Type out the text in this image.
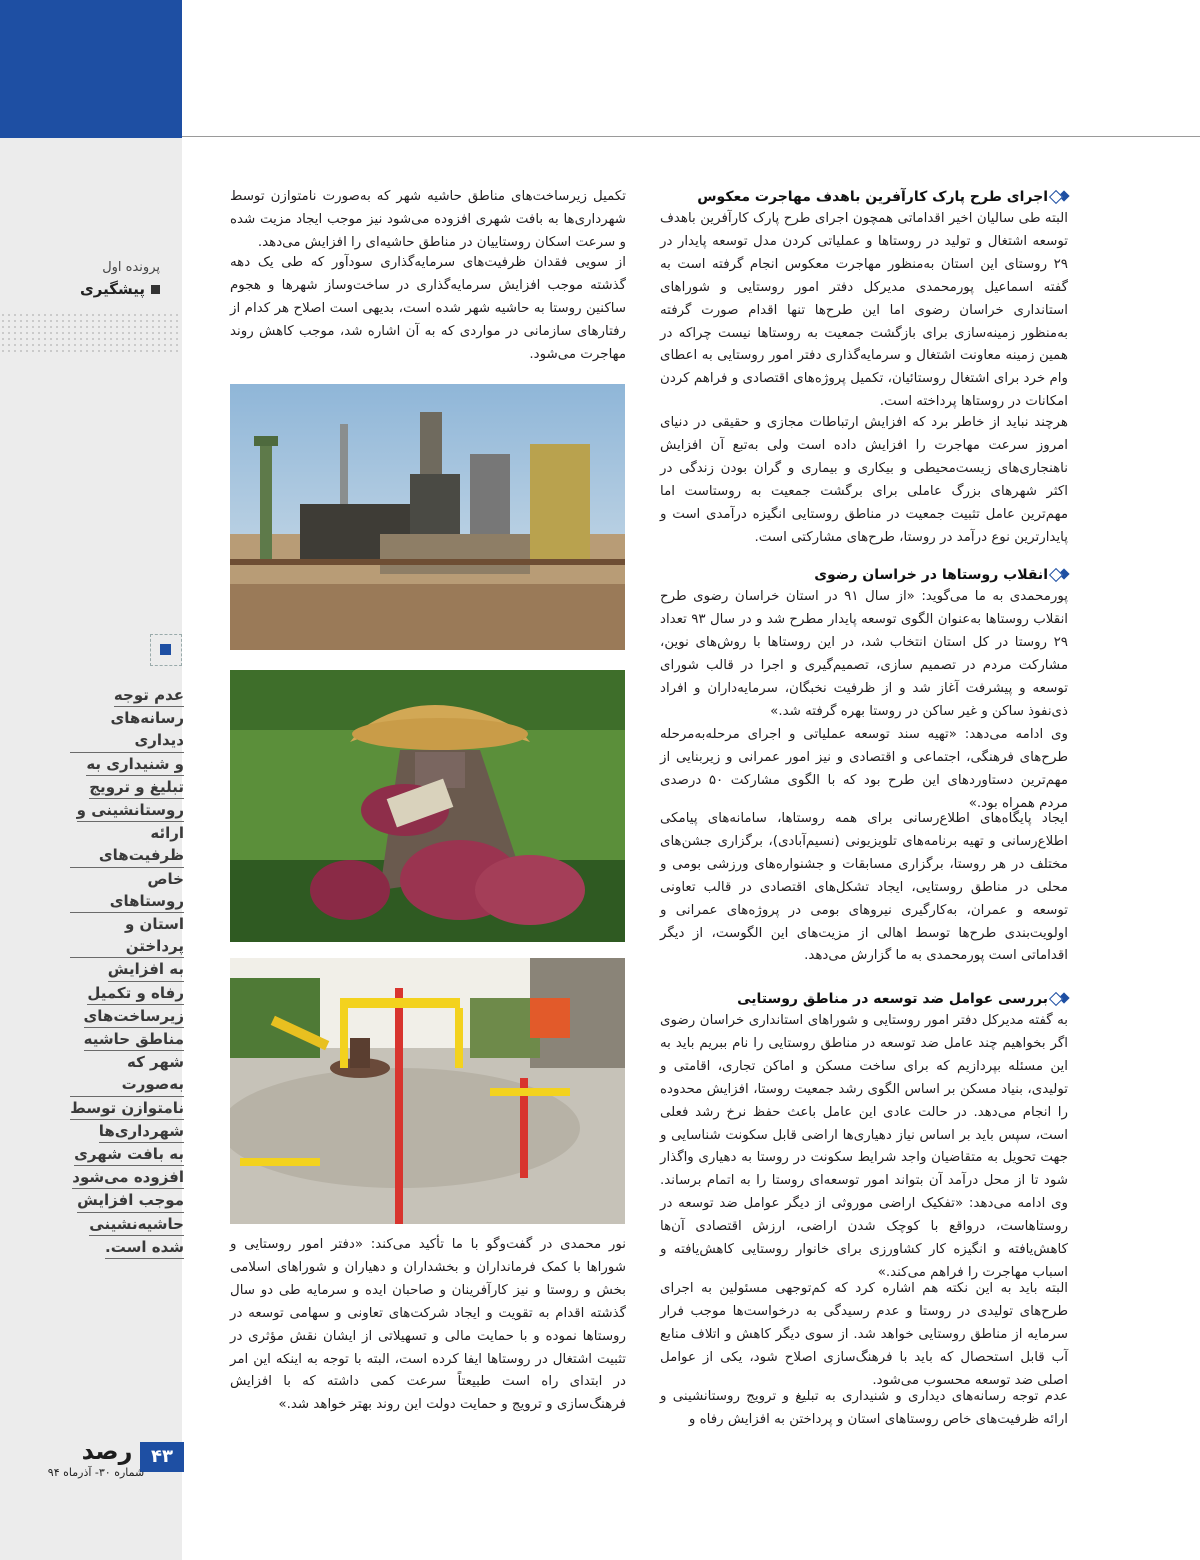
پرونده اول
پیشگیری
عدم توجه
رسانه‌های دیداری
و شنیداری به
تبلیغ و ترویج
روستانشینی و
ارائه ظرفیت‌های
خاص روستاهای
استان و پرداختن
به افزایش
رفاه و تکمیل
زیرساخت‌های
مناطق حاشیه
شهر که به‌صورت
نامتوازن توسط
شهرداری‌ها
به بافت شهری
افزوده می‌شود
موجب افزایش
حاشیه‌نشینی
شده است.
اجرای طرح پارک کارآفرین باهدف مهاجرت معکوس
البته طی سالیان اخیر اقداماتی همچون اجرای طرح پارک کارآفرین باهدف توسعه اشتغال و تولید در روستاها و عملیاتی کردن مدل توسعه پایدار در ۲۹ روستای این استان به‌منظور مهاجرت معکوس انجام گرفته است به گفته اسماعیل پورمحمدی مدیرکل دفتر امور روستایی و شوراهای استانداری خراسان رضوی اما این طرح‌ها تنها اقدام صورت گرفته به‌منظور زمینه‌سازی برای بازگشت جمعیت به روستاها نیست چراکه در همین زمینه معاونت اشتغال و سرمایه‌گذاری دفتر امور روستایی به اعطای وام خرد برای اشتغال روستائیان، تکمیل پروژه‌های اقتصادی و فراهم کردن امکانات در روستاها پرداخته است.
هرچند نباید از خاطر برد که افزایش ارتباطات مجازی و حقیقی در دنیای امروز سرعت مهاجرت را افزایش داده است ولی به‌تبع آن افزایش ناهنجاری‌های زیست‌محیطی و بیکاری و بیماری و گران بودن زندگی در اکثر شهرهای بزرگ عاملی برای برگشت جمعیت به روستاست اما مهم‌ترین عامل تثبیت جمعیت در مناطق روستایی انگیزه درآمدی است و پایدارترین نوع درآمد در روستا، طرح‌های مشارکتی است.
انقلاب روستاها در خراسان رضوی
پورمحمدی به ما می‌گوید: «از سال ۹۱ در استان خراسان رضوی طرح انقلاب روستاها به‌عنوان الگوی توسعه پایدار مطرح شد و در سال ۹۳ تعداد ۲۹ روستا در کل استان انتخاب شد، در این روستاها با روش‌های نوین، مشارکت مردم در تصمیم سازی، تصمیم‌گیری و اجرا در قالب شورای توسعه و پیشرفت آغاز شد و از ظرفیت نخبگان، سرمایه‌داران و افراد ذی‌نفوذ ساکن و غیر ساکن در روستا بهره گرفته شد.»
وی ادامه می‌دهد: «تهیه سند توسعه عملیاتی و اجرای مرحله‌به‌مرحله طرح‌های فرهنگی، اجتماعی و اقتصادی و نیز امور عمرانی و زیربنایی از مهم‌ترین دستاوردهای این طرح بود که با الگوی مشارکت ۵۰ درصدی مردم همراه بود.»
ایجاد پایگاه‌های اطلاع‌رسانی برای همه روستاها، سامانه‌های پیامکی اطلاع‌رسانی و تهیه برنامه‌های تلویزیونی (نسیم‌آبادی)، برگزاری جشن‌های مختلف در هر روستا، برگزاری مسابقات و جشنواره‌های ورزشی بومی و محلی در مناطق روستایی، ایجاد تشکل‌های اقتصادی در قالب تعاونی توسعه و عمران، به‌کارگیری نیروهای بومی در پروژه‌های عمرانی و اولویت‌بندی طرح‌ها توسط اهالی از مزیت‌های این الگوست، از دیگر اقداماتی است پورمحمدی به ما گزارش می‌دهد.
بررسی عوامل ضد توسعه در مناطق روستایی
به گفته مدیرکل دفتر امور روستایی و شوراهای استانداری خراسان رضوی اگر بخواهیم چند عامل ضد توسعه در مناطق روستایی را نام ببریم باید به این مسئله بپردازیم که برای ساخت مسکن و اماکن تجاری، اقامتی و تولیدی، بنیاد مسکن بر اساس الگوی رشد جمعیت روستا، افزایش محدوده را انجام می‌دهد. در حالت عادی این عامل باعث حفظ نرخ رشد فعلی است، سپس باید بر اساس نیاز دهیاری‌ها اراضی قابل سکونت شناسایی و جهت تحویل به متقاضیان واجد شرایط سکونت در روستا به دهیاری واگذار شود تا از محل درآمد آن بتواند امور توسعه‌ای روستا را به اتمام برساند. وی ادامه می‌دهد: «تفکیک اراضی موروثی از دیگر عوامل ضد توسعه در روستاهاست، درواقع با کوچک شدن اراضی، ارزش اقتصادی آن‌ها کاهش‌یافته و انگیزه کار کشاورزی برای خانوار روستایی کاهش‌یافته و اسباب مهاجرت را فراهم می‌کند.»
البته باید به این نکته هم اشاره کرد که کم‌توجهی مسئولین به اجرای طرح‌های تولیدی در روستا و عدم رسیدگی به درخواست‌ها موجب فرار سرمایه از مناطق روستایی خواهد شد. از سوی دیگر کاهش و اتلاف منابع آب قابل استحصال که باید با فرهنگ‌سازی اصلاح شود، یکی از عوامل اصلی ضد توسعه محسوب می‌شود.
عدم توجه رسانه‌های دیداری و شنیداری به تبلیغ و ترویج روستانشینی و ارائه ظرفیت‌های خاص روستاهای استان و پرداختن به افزایش رفاه و
تکمیل زیرساخت‌های مناطق حاشیه شهر که به‌صورت نامتوازن توسط شهرداری‌ها به بافت شهری افزوده می‌شود نیز موجب ایجاد مزیت شده و سرعت اسکان روستاییان در مناطق حاشیه‌ای را افزایش می‌دهد.
از سویی فقدان ظرفیت‌های سرمایه‌گذاری سودآور که طی یک دهه گذشته موجب افزایش سرمایه‌گذاری در ساخت‌وساز شهرها و هجوم ساکنین روستا به حاشیه شهر شده است، بدیهی است اصلاح هر کدام از رفتارهای سازمانی در مواردی که به آن اشاره شد، موجب کاهش روند مهاجرت می‌شود.
نور محمدی در گفت‌وگو با ما تأکید می‌کند: «دفتر امور روستایی و شوراها با کمک فرمانداران و بخشداران و دهیاران و شوراهای اسلامی بخش و روستا و نیز کارآفرینان و صاحبان ایده و سرمایه طی دو سال گذشته اقدام به تقویت و ایجاد شرکت‌های تعاونی و سهامی توسعه در روستاها نموده و با حمایت مالی و تسهیلاتی از ایشان نقش مؤثری در تثبیت اشتغال در روستاها ایفا کرده است، البته با توجه به اینکه این امر در ابتدای راه است طبیعتاً سرعت کمی داشته که با افزایش فرهنگ‌سازی و ترویج و حمایت دولت این روند بهتر خواهد شد.»
۴۳
رصد
شماره ۳۰- آذرماه ۹۴
